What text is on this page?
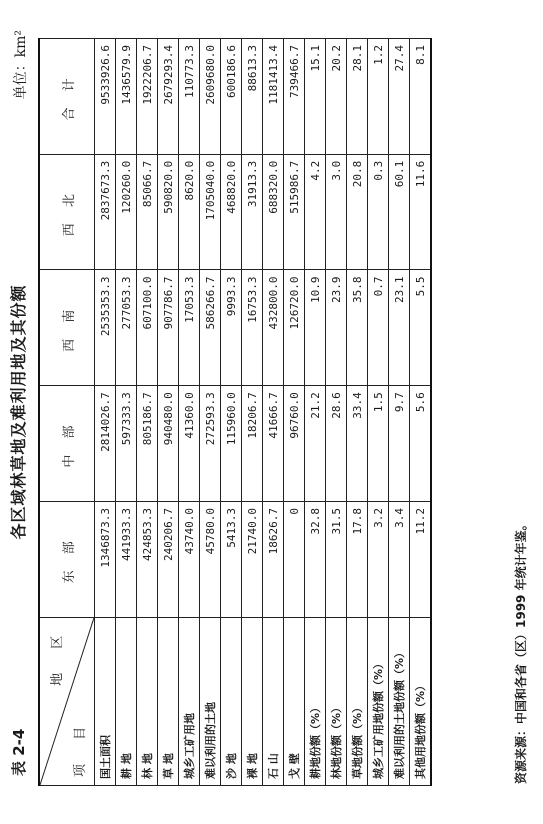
表 2-4
各区域林草地及难利用地及其份额
单位：km²
地 区
项 目	东 部	中 部	西 南	西 北	合 计
国土面积	1346873.3	2814026.7	2535353.3	2837673.3	9533926.6
耕 地	441933.3	597333.3	277053.3	120260.0	1436579.9
林 地	424853.3	805186.7	607100.0	85066.7	1922206.7
草 地	240206.7	940480.0	907786.7	590820.0	2679293.4
城乡工矿用地	43740.0	41360.0	17053.3	8620.0	110773.3
难以利用的土地	45780.0	272593.3	586266.7	1705040.0	2609680.0
沙 地	5413.3	115960.0	9993.3	468820.0	600186.6
裸 地	21740.0	18206.7	16753.3	31913.3	88613.3
石 山	18626.7	41666.7	432800.0	688320.0	1181413.4
戈 壁	0	96760.0	126720.0	515986.7	739466.7
耕地份额（%）	32.8	21.2	10.9	4.2	15.1
林地份额（%）	31.5	28.6	23.9	3.0	20.2
草地份额（%）	17.8	33.4	35.8	20.8	28.1
城乡工矿用地份额（%）	3.2	1.5	0.7	0.3	1.2
难以利用的土地份额（%）	3.4	9.7	23.1	60.1	27.4
其他用地份额（%）	11.2	5.6	5.5	11.6	8.1
资源来源：中国和各省（区）1999 年统计年鉴。
